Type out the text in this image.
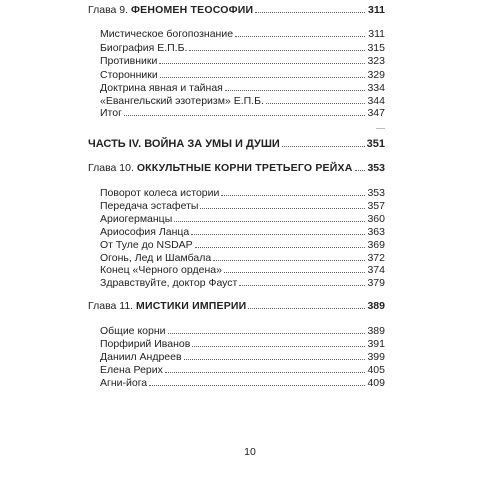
Глава 9. ФЕНОМЕН ТЕОСОФИИ	311
Мистическое богопознание	311
Биография Е.П.Б.	315
Противники	323
Сторонники	329
Доктрина явная и тайная	334
«Евангельский эзотеризм» Е.П.Б.	344
Итог	347
ЧАСТЬ IV. ВОЙНА ЗА УМЫ И ДУШИ	351
Глава 10. ОККУЛЬТНЫЕ КОРНИ ТРЕТЬЕГО РЕЙХА 353
Поворот колеса истории	353
Передача эстафеты	357
Ариогерманцы	360
Ариософия Ланца	363
От Туле до NSDAP	369
Огонь, Лед и Шамбала	372
Конец «Черного ордена»	374
Здравствуйте, доктор Фауст	379
Глава 11. МИСТИКИ ИМПЕРИИ	389
Общие корни	389
Порфирий Иванов	391
Даниил Андреев	399
Елена Рерих	405
Агни-йога	409
10
